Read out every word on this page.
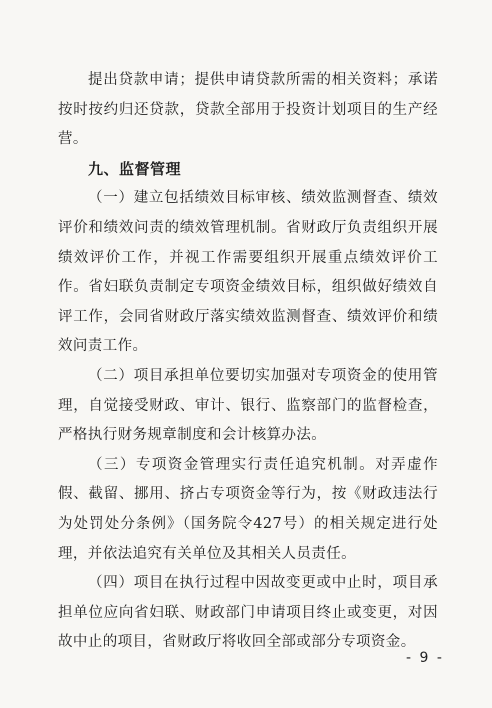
提出贷款申请；提供申请贷款所需的相关资料；承诺按时按约归还贷款，贷款全部用于投资计划项目的生产经营。

九、监督管理

（一）建立包括绩效目标审核、绩效监测督查、绩效评价和绩效问责的绩效管理机制。省财政厅负责组织开展绩效评价工作，并视工作需要组织开展重点绩效评价工作。省妇联负责制定专项资金绩效目标，组织做好绩效自评工作，会同省财政厅落实绩效监测督查、绩效评价和绩效问责工作。

（二）项目承担单位要切实加强对专项资金的使用管理，自觉接受财政、审计、银行、监察部门的监督检查，严格执行财务规章制度和会计核算办法。

（三）专项资金管理实行责任追究机制。对弄虚作假、截留、挪用、挤占专项资金等行为，按《财政违法行为处罚处分条例》（国务院令427号）的相关规定进行处理，并依法追究有关单位及其相关人员责任。

（四）项目在执行过程中因故变更或中止时，项目承担单位应向省妇联、财政部门申请项目终止或变更，对因故中止的项目，省财政厅将收回全部或部分专项资金。

- 9 -
